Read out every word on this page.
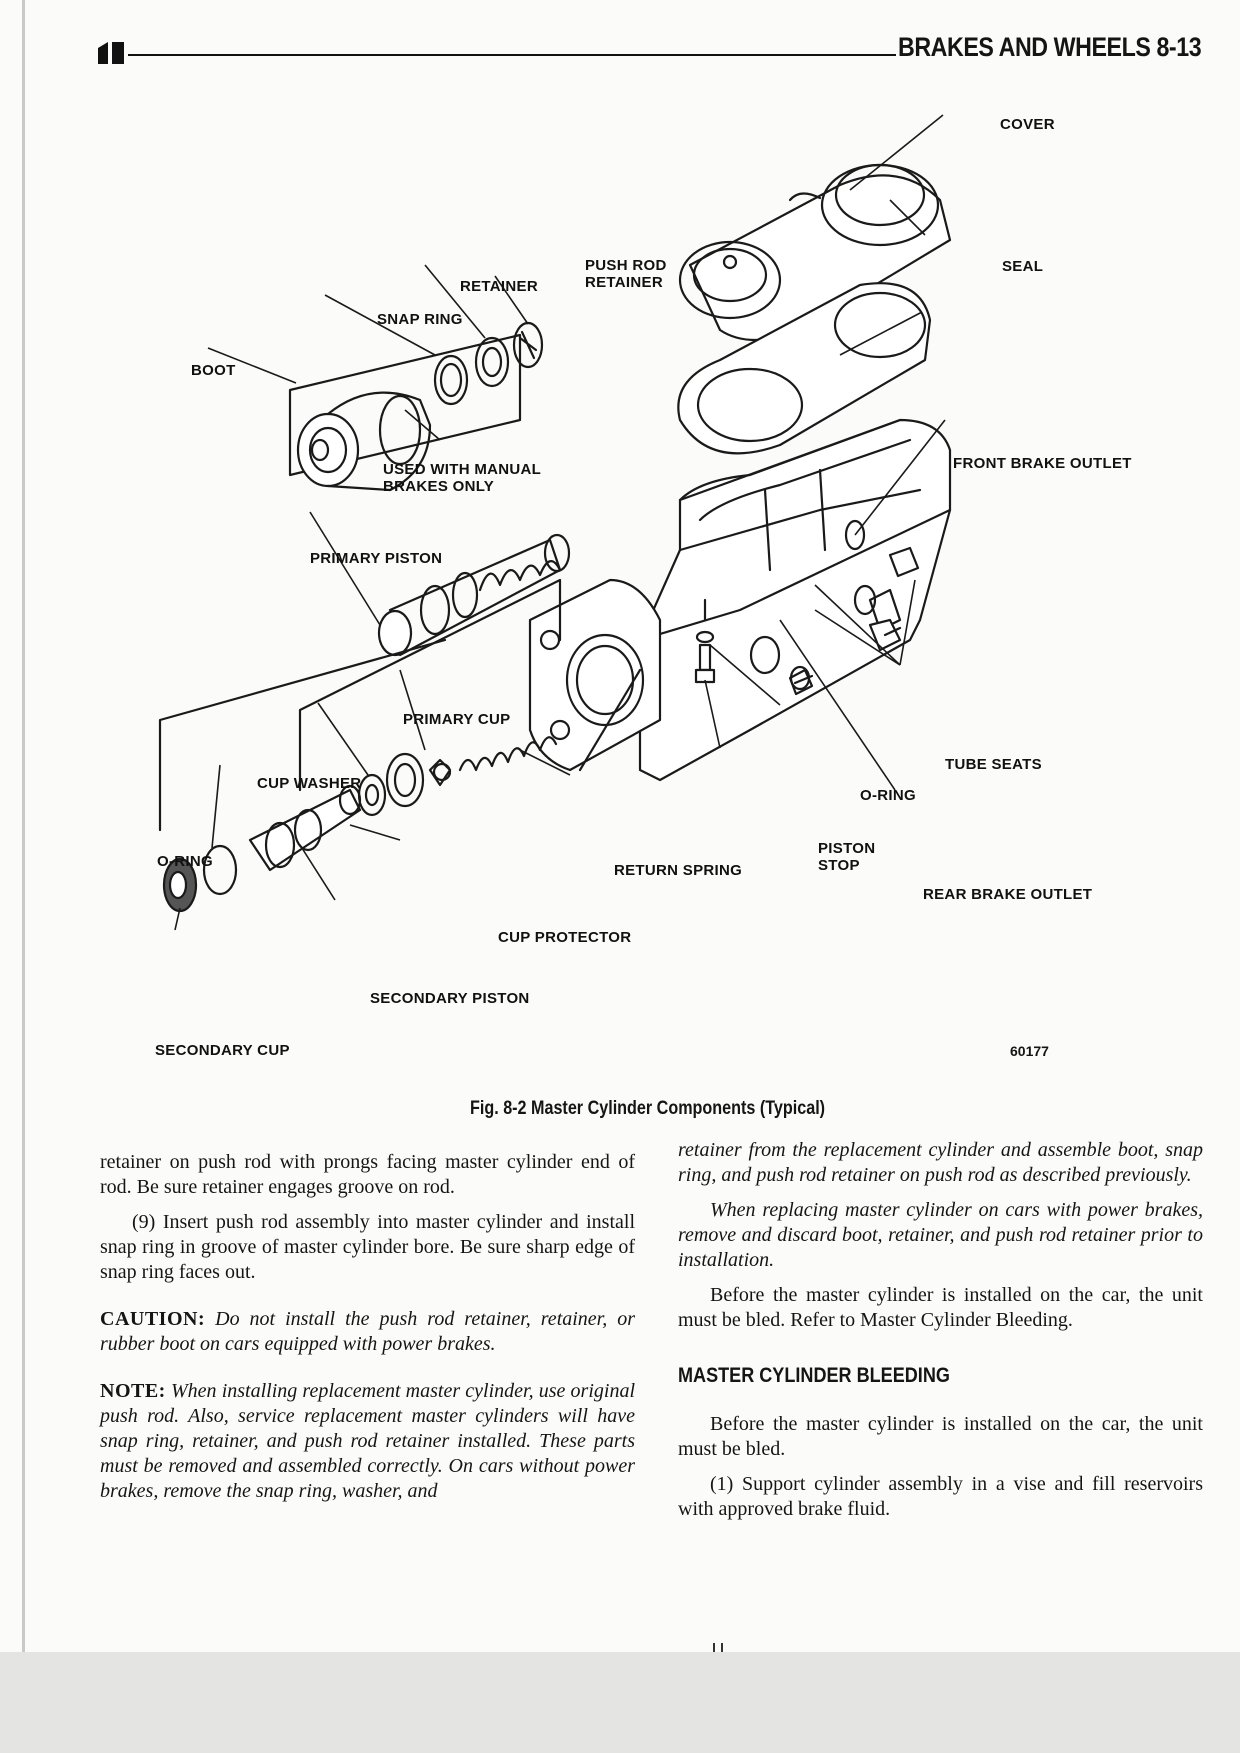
BRAKES AND WHEELS 8-13
COVER
SEAL
PUSH ROD
RETAINER
RETAINER
SNAP RING
BOOT
USED WITH MANUAL
BRAKES ONLY
FRONT BRAKE OUTLET
PRIMARY PISTON
PRIMARY CUP
CUP WASHER
TUBE SEATS
O-RING
O-RING
PISTON
STOP
RETURN SPRING
REAR BRAKE OUTLET
CUP PROTECTOR
SECONDARY PISTON
SECONDARY CUP	60177
Fig. 8-2 Master Cylinder Components (Typical)

retainer on push rod with prongs facing master cylinder end of rod. Be sure retainer engages groove on rod.

(9) Insert push rod assembly into master cylinder and install snap ring in groove of master cylinder bore. Be sure sharp edge of snap ring faces out.

CAUTION: Do not install the push rod retainer, retainer, or rubber boot on cars equipped with power brakes.

NOTE: When installing replacement master cylinder, use original push rod. Also, service replacement master cylinders will have snap ring, retainer, and push rod retainer installed. These parts must be removed and assembled correctly. On cars without power brakes, remove the snap ring, washer, and

retainer from the replacement cylinder and assemble boot, snap ring, and push rod retainer on push rod as described previously.

When replacing master cylinder on cars with power brakes, remove and discard boot, retainer, and push rod retainer prior to installation.

Before the master cylinder is installed on the car, the unit must be bled. Refer to Master Cylinder Bleeding.

MASTER CYLINDER BLEEDING

Before the master cylinder is installed on the car, the unit must be bled.

(1) Support cylinder assembly in a vise and fill reservoirs with approved brake fluid.
